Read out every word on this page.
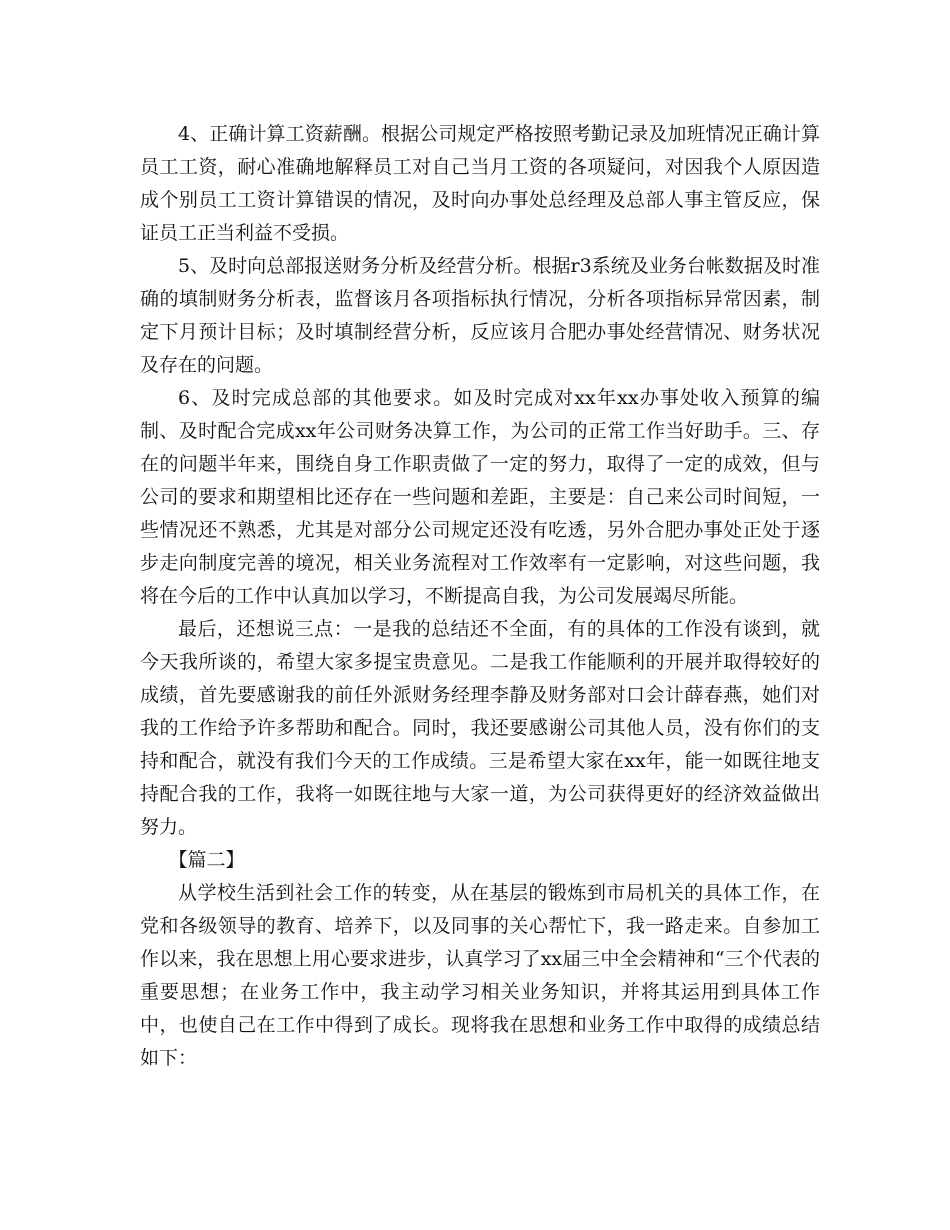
4、正确计算工资薪酬。根据公司规定严格按照考勤记录及加班情况正确计算员工工资，耐心准确地解释员工对自己当月工资的各项疑问，对因我个人原因造成个别员工工资计算错误的情况，及时向办事处总经理及总部人事主管反应，保证员工正当利益不受损。

5、及时向总部报送财务分析及经营分析。根据r3系统及业务台帐数据及时准确的填制财务分析表，监督该月各项指标执行情况，分析各项指标异常因素，制定下月预计目标；及时填制经营分析，反应该月合肥办事处经营情况、财务状况及存在的问题。

6、及时完成总部的其他要求。如及时完成对xx年xx办事处收入预算的编制、及时配合完成xx年公司财务决算工作，为公司的正常工作当好助手。三、存在的问题半年来，围绕自身工作职责做了一定的努力，取得了一定的成效，但与公司的要求和期望相比还存在一些问题和差距，主要是：自己来公司时间短，一些情况还不熟悉，尤其是对部分公司规定还没有吃透，另外合肥办事处正处于逐步走向制度完善的境况，相关业务流程对工作效率有一定影响，对这些问题，我将在今后的工作中认真加以学习，不断提高自我，为公司发展竭尽所能。

最后，还想说三点：一是我的总结还不全面，有的具体的工作没有谈到，就今天我所谈的，希望大家多提宝贵意见。二是我工作能顺利的开展并取得较好的成绩，首先要感谢我的前任外派财务经理李静及财务部对口会计薛春燕，她们对我的工作给予许多帮助和配合。同时，我还要感谢公司其他人员，没有你们的支持和配合，就没有我们今天的工作成绩。三是希望大家在xx年，能一如既往地支持配合我的工作，我将一如既往地与大家一道，为公司获得更好的经济效益做出努力。

【篇二】

从学校生活到社会工作的转变，从在基层的锻炼到市局机关的具体工作，在党和各级领导的教育、培养下，以及同事的关心帮忙下，我一路走来。自参加工作以来，我在思想上用心要求进步，认真学习了xx届三中全会精神和“三个代表的重要思想；在业务工作中，我主动学习相关业务知识，并将其运用到具体工作中，也使自己在工作中得到了成长。现将我在思想和业务工作中取得的成绩总结如下：
